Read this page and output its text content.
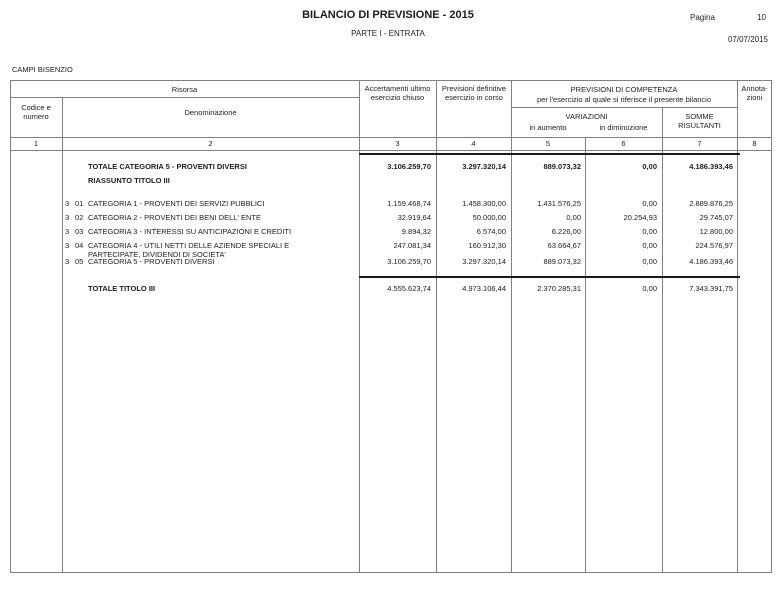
BILANCIO DI PREVISIONE - 2015
PARTE I - ENTRATA
Pagina	10
07/07/2015
CAMPI BISENZIO
Risorsa
Codice e numero	Denominazione
Accertamenti ultimo esercizio chiuso
Previsioni definitive esercizio in corso
PREVISIONI DI COMPETENZA
per l'esercizio al quale si riferisce il presente bilancio
VARIAZIONI
in aumento	in diminuzione
SOMME RISULTANTI
Annota-zioni
1	2	3	4	5	6	7	8
TOTALE CATEGORIA 5 - PROVENTI DIVERSI	3.106.259,70	3.297.320,14	889.073,32	0,00	4.186.393,46
RIASSUNTO TITOLO III
3 01 CATEGORIA 1 - PROVENTI DEI SERVIZI PUBBLICI	1.159.468,74	1.458.300,00	1.431.576,25	0,00	2.889.876,25
3 02 CATEGORIA 2 - PROVENTI DEI BENI DELL' ENTE	32.919,64	50.000,00	0,00	20.254,93	29.745,07
3 03 CATEGORIA 3 - INTERESSI SU ANTICIPAZIONI E CREDITI	9.894,32	6.574,00	6.226,00	0,00	12.800,00
3 04 CATEGORIA 4 - UTILI NETTI DELLE AZIENDE SPECIALI E PARTECIPATE, DIVIDENDI DI SOCIETA'
247.081,34	160.912,30	63.664,67	0,00	224.576,97
3 05 CATEGORIA 5 - PROVENTI DIVERSI	3.106.259,70	3.297.320,14	889.073,32	0,00	4.186.393,46
TOTALE TITOLO III	4.555.623,74	4.973.106,44	2.370.285,31	0,00	7.343.391,75
